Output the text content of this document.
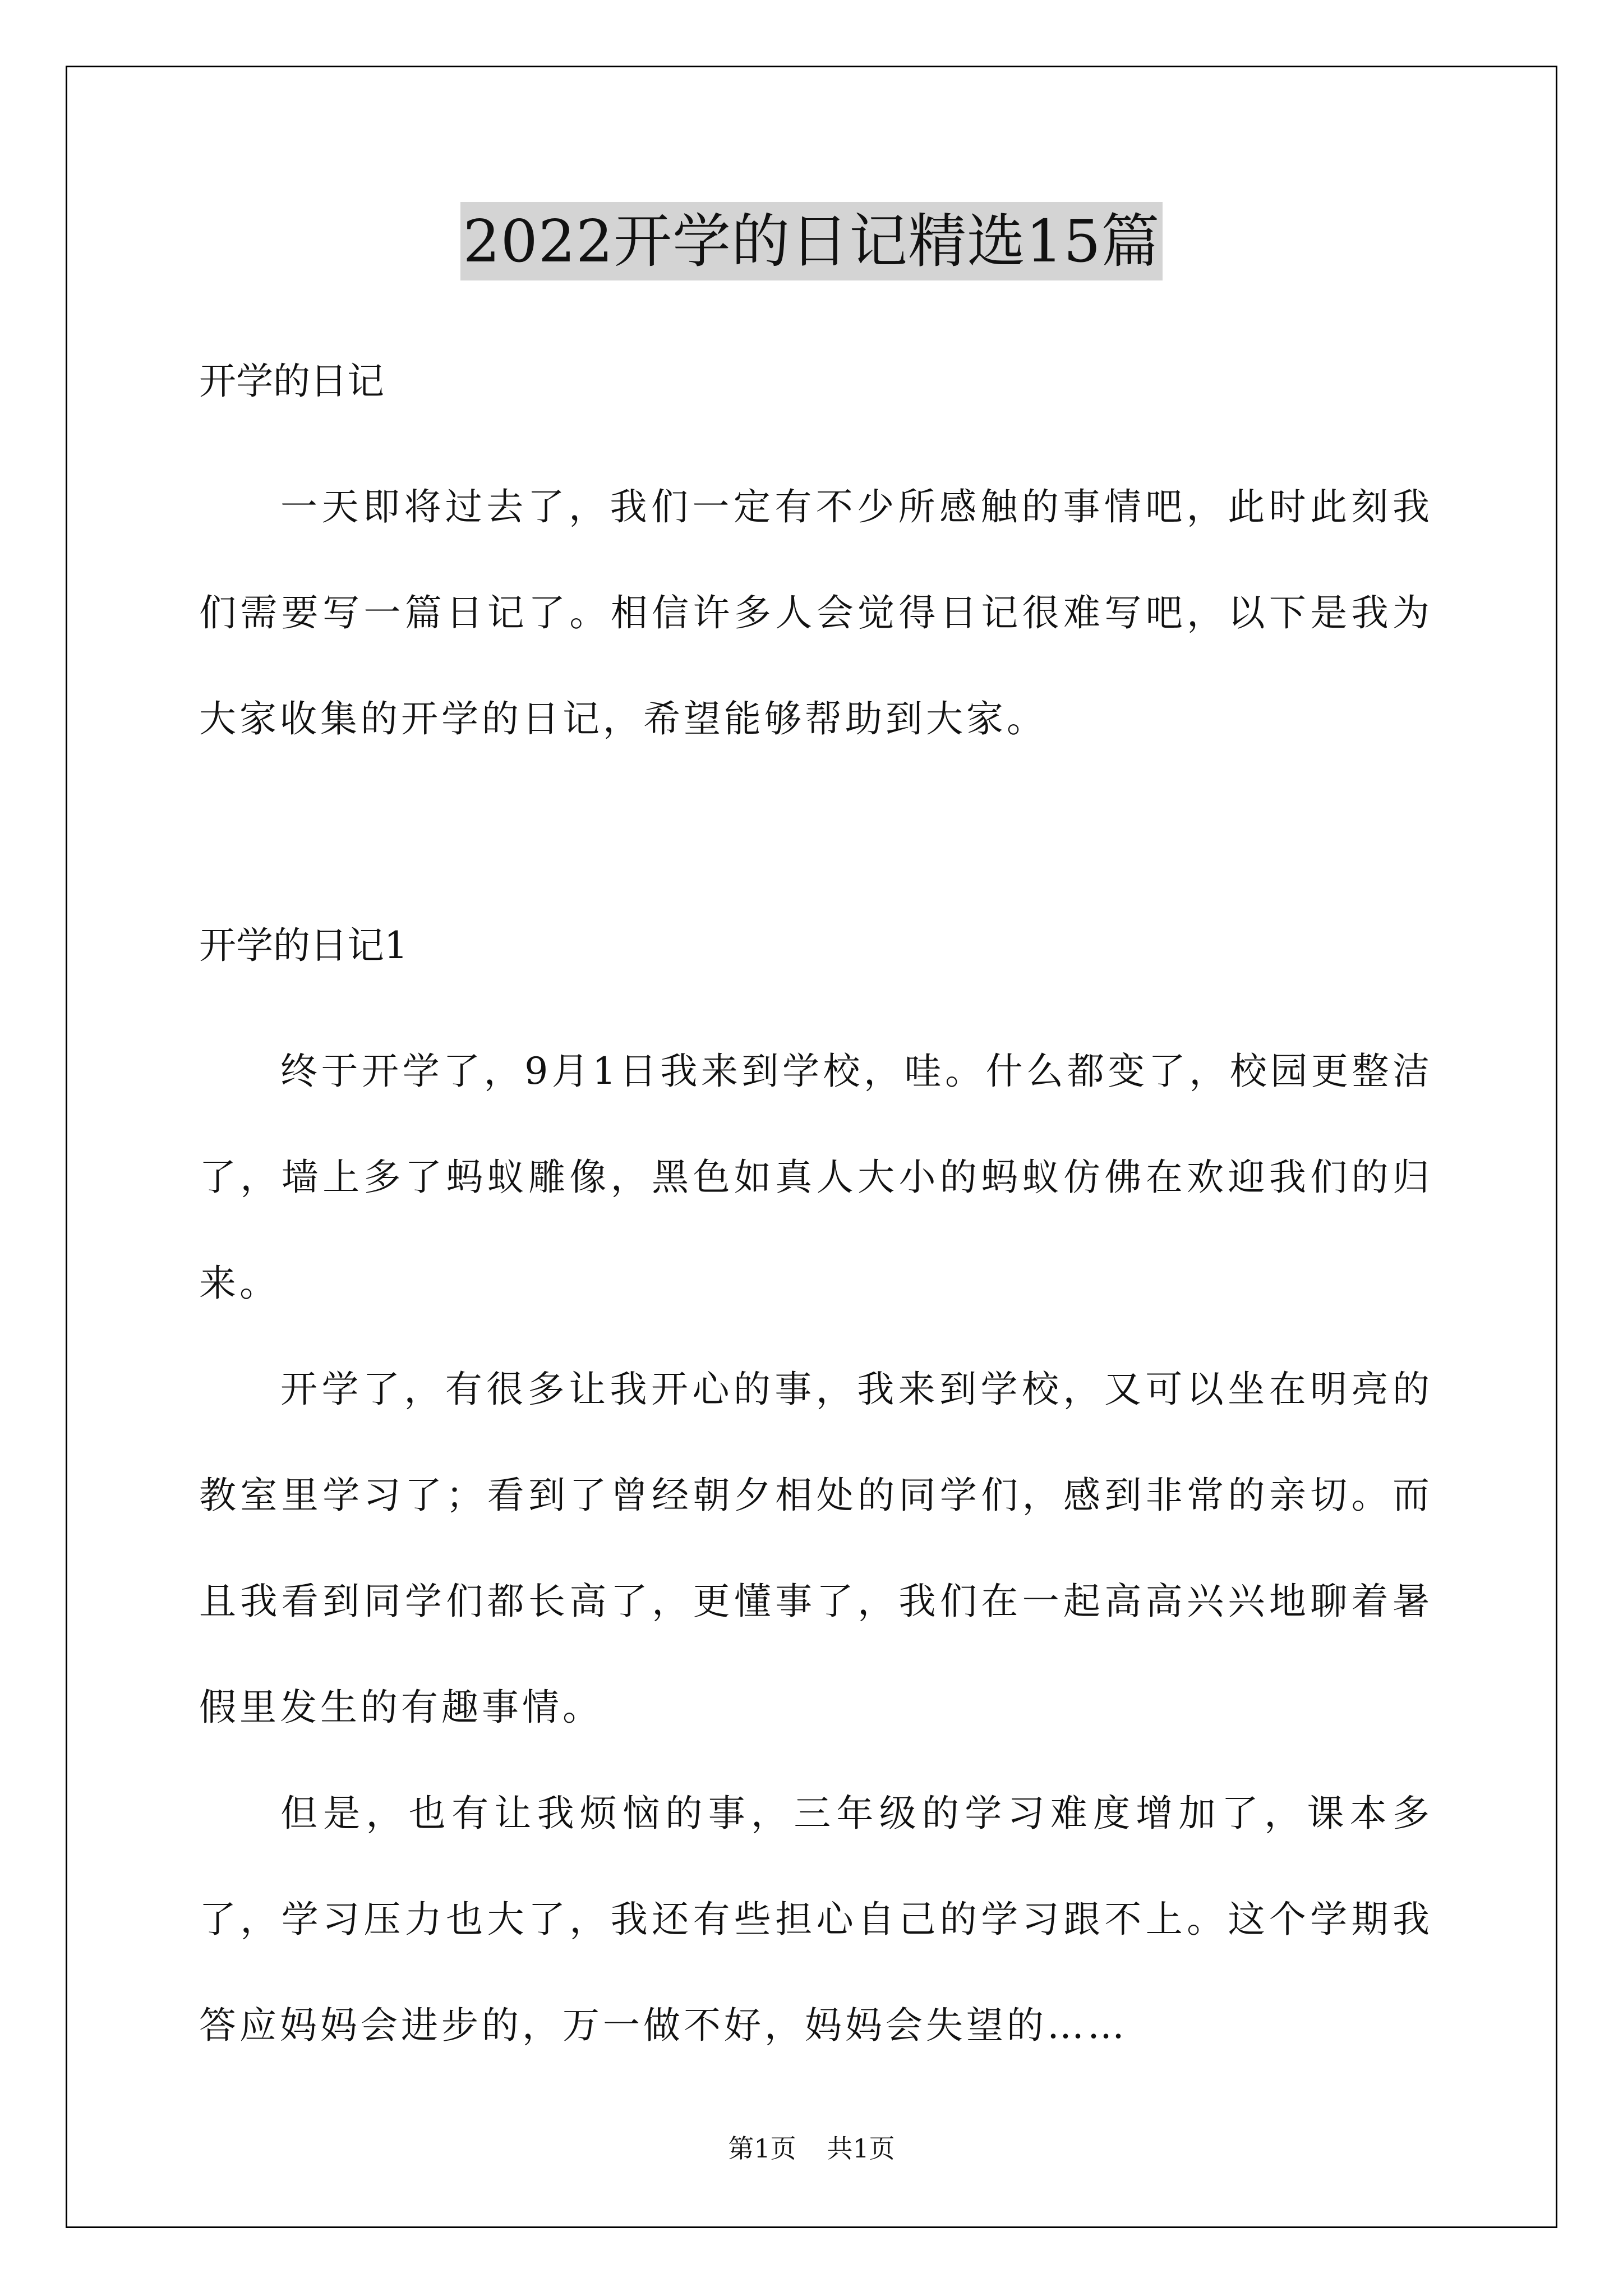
2022开学的日记精选15篇

开学的日记

一天即将过去了，我们一定有不少所感触的事情吧，此时此刻我们需要写一篇日记了。相信许多人会觉得日记很难写吧，以下是我为大家收集的开学的日记，希望能够帮助到大家。

开学的日记1

终于开学了，9月1日我来到学校，哇。什么都变了，校园更整洁了，墙上多了蚂蚁雕像，黑色如真人大小的蚂蚁仿佛在欢迎我们的归来。

开学了，有很多让我开心的事，我来到学校，又可以坐在明亮的教室里学习了；看到了曾经朝夕相处的同学们，感到非常的亲切。而且我看到同学们都长高了，更懂事了，我们在一起高高兴兴地聊着暑假里发生的有趣事情。

但是，也有让我烦恼的事，三年级的学习难度增加了，课本多了，学习压力也大了，我还有些担心自己的学习跟不上。这个学期我答应妈妈会进步的，万一做不好，妈妈会失望的……

第1页 共1页
